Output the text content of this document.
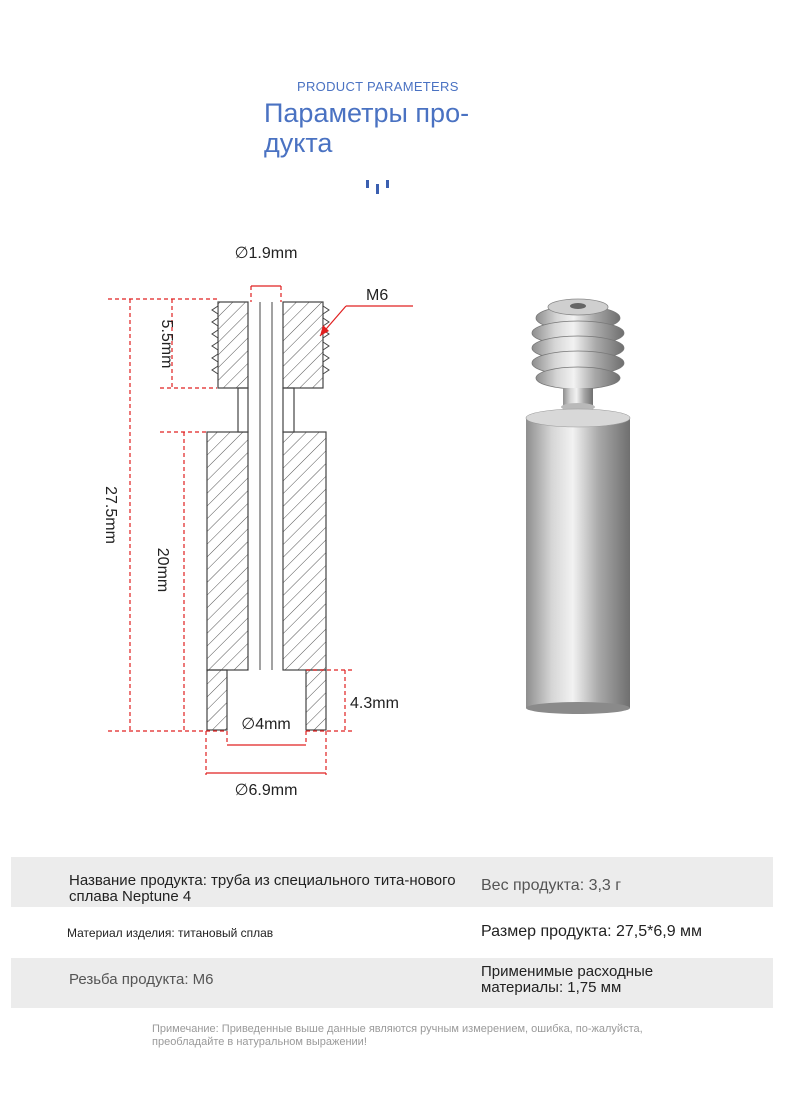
PRODUCT PARAMETERS
Параметры про-дукта
∅1.9mm
M6
5.5mm
27.5mm
20mm
4.3mm
∅4mm
∅6.9mm
Название продукта: труба из специального тита-нового сплава Neptune 4
Вес продукта: 3,3 г
Материал изделия: титановый сплав	Размер продукта: 27,5*6,9 мм
Резьба продукта: M6	Применимые расходные материалы: 1,75 мм
Примечание: Приведенные выше данные являются ручным измерением, ошибка, по-жалуйста, преобладайте в натуральном выражении!
